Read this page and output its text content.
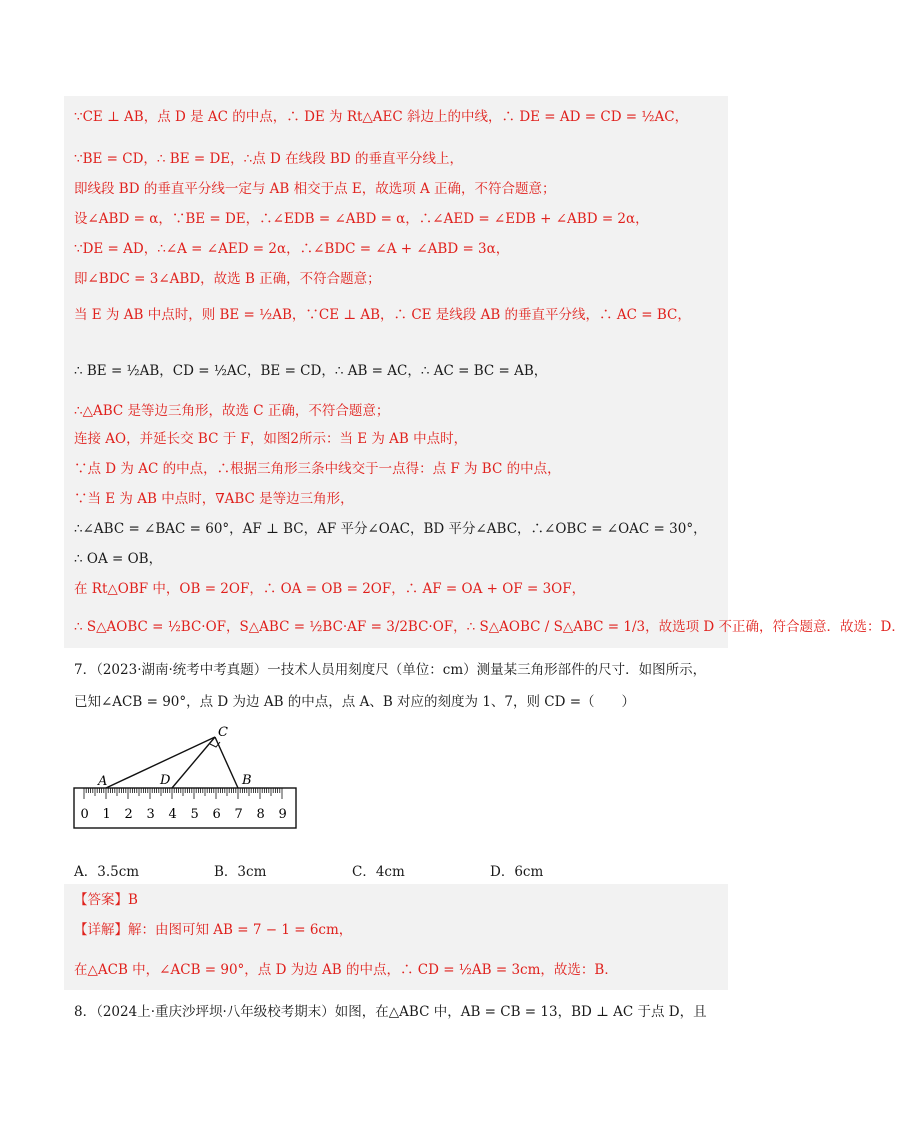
∵CE ⊥ AB，点 D 是 AC 的中点，∴ DE 为 Rt△AEC 斜边上的中线，∴ DE = AD = CD = ½AC，
∵BE = CD，∴ BE = DE，∴点 D 在线段 BD 的垂直平分线上，
即线段 BD 的垂直平分线一定与 AB 相交于点 E，故选项 A 正确，不符合题意；
设∠ABD = α，∵BE = DE，∴∠EDB = ∠ABD = α，∴∠AED = ∠EDB + ∠ABD = 2α，
∵DE = AD，∴∠A = ∠AED = 2α，∴∠BDC = ∠A + ∠ABD = 3α，
即∠BDC = 3∠ABD，故选 B 正确，不符合题意；
当 E 为 AB 中点时，则 BE = ½AB，∵CE ⊥ AB，∴ CE 是线段 AB 的垂直平分线，∴ AC = BC，
∴ BE = ½AB，CD = ½AC，BE = CD，∴ AB = AC，∴ AC = BC = AB，
∴△ABC 是等边三角形，故选 C 正确，不符合题意；
连接 AO，并延长交 BC 于 F，如图2所示：当 E 为 AB 中点时，
∵点 D 为 AC 的中点，∴根据三角形三条中线交于一点得：点 F 为 BC 的中点，
∵当 E 为 AB 中点时，∇ABC 是等边三角形，
∴∠ABC = ∠BAC = 60°，AF ⊥ BC，AF 平分∠OAC，BD 平分∠ABC，∴∠OBC = ∠OAC = 30°，
∴ OA = OB，
在 Rt△OBF 中，OB = 2OF，∴ OA = OB = 2OF，∴ AF = OA + OF = 3OF，
∴ S△AOBC = ½BC·OF，S△ABC = ½BC·AF = 3/2BC·OF，∴ S△AOBC / S△ABC = 1/3，故选项 D 不正确，符合题意．故选：D．
7．（2023·湖南·统考中考真题）一技术人员用刻度尺（单位：cm）测量某三角形部件的尺寸．如图所示，
已知∠ACB = 90°，点 D 为边 AB 的中点，点 A、B 对应的刻度为 1、7，则 CD =（　　）
0 1 2 3 4 5 6 7 8 9
A	D
C
B
A．3.5cm	B．3cm	C．4cm	D．6cm
【答案】B
【详解】解：由图可知 AB = 7 − 1 = 6cm，
在△ACB 中，∠ACB = 90°，点 D 为边 AB 的中点，∴ CD = ½AB = 3cm，故选：B．
8．（2024上·重庆沙坪坝·八年级校考期末）如图，在△ABC 中，AB = CB = 13，BD ⊥ AC 于点 D，且
